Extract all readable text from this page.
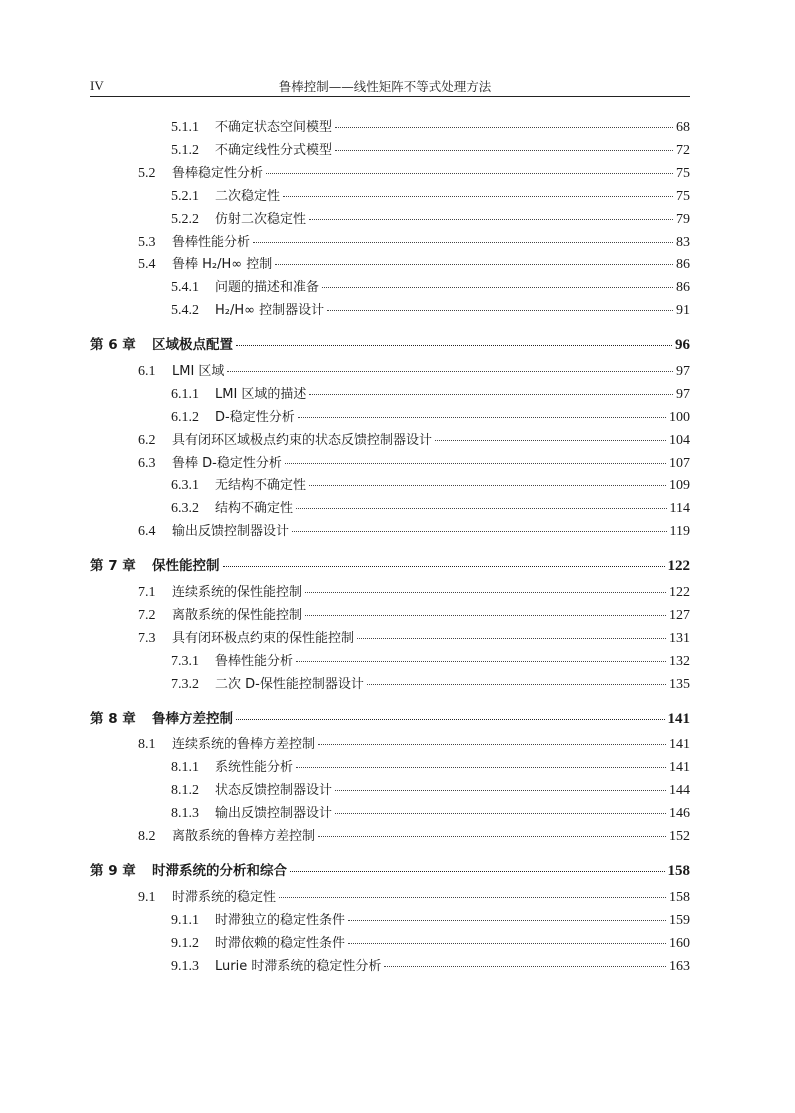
IV	鲁棒控制——线性矩阵不等式处理方法
5.1.1	不确定状态空间模型	68
5.1.2	不确定线性分式模型	72
5.2	鲁棒稳定性分析	75
5.2.1	二次稳定性	75
5.2.2	仿射二次稳定性	79
5.3	鲁棒性能分析	83
5.4	鲁棒 H₂/H∞ 控制	86
5.4.1	问题的描述和准备	86
5.4.2	H₂/H∞ 控制器设计	91
第 6 章	区域极点配置	96
6.1	LMI 区域	97
6.1.1	LMI 区域的描述	97
6.1.2	D-稳定性分析	100
6.2	具有闭环区域极点约束的状态反馈控制器设计	104
6.3	鲁棒 D-稳定性分析	107
6.3.1	无结构不确定性	109
6.3.2	结构不确定性	114
6.4	输出反馈控制器设计	119
第 7 章	保性能控制	122
7.1	连续系统的保性能控制	122
7.2	离散系统的保性能控制	127
7.3	具有闭环极点约束的保性能控制	131
7.3.1	鲁棒性能分析	132
7.3.2	二次 D-保性能控制器设计	135
第 8 章	鲁棒方差控制	141
8.1	连续系统的鲁棒方差控制	141
8.1.1	系统性能分析	141
8.1.2	状态反馈控制器设计	144
8.1.3	输出反馈控制器设计	146
8.2	离散系统的鲁棒方差控制	152
第 9 章	时滞系统的分析和综合	158
9.1	时滞系统的稳定性	158
9.1.1	时滞独立的稳定性条件	159
9.1.2	时滞依赖的稳定性条件	160
9.1.3	Lurie 时滞系统的稳定性分析	163
